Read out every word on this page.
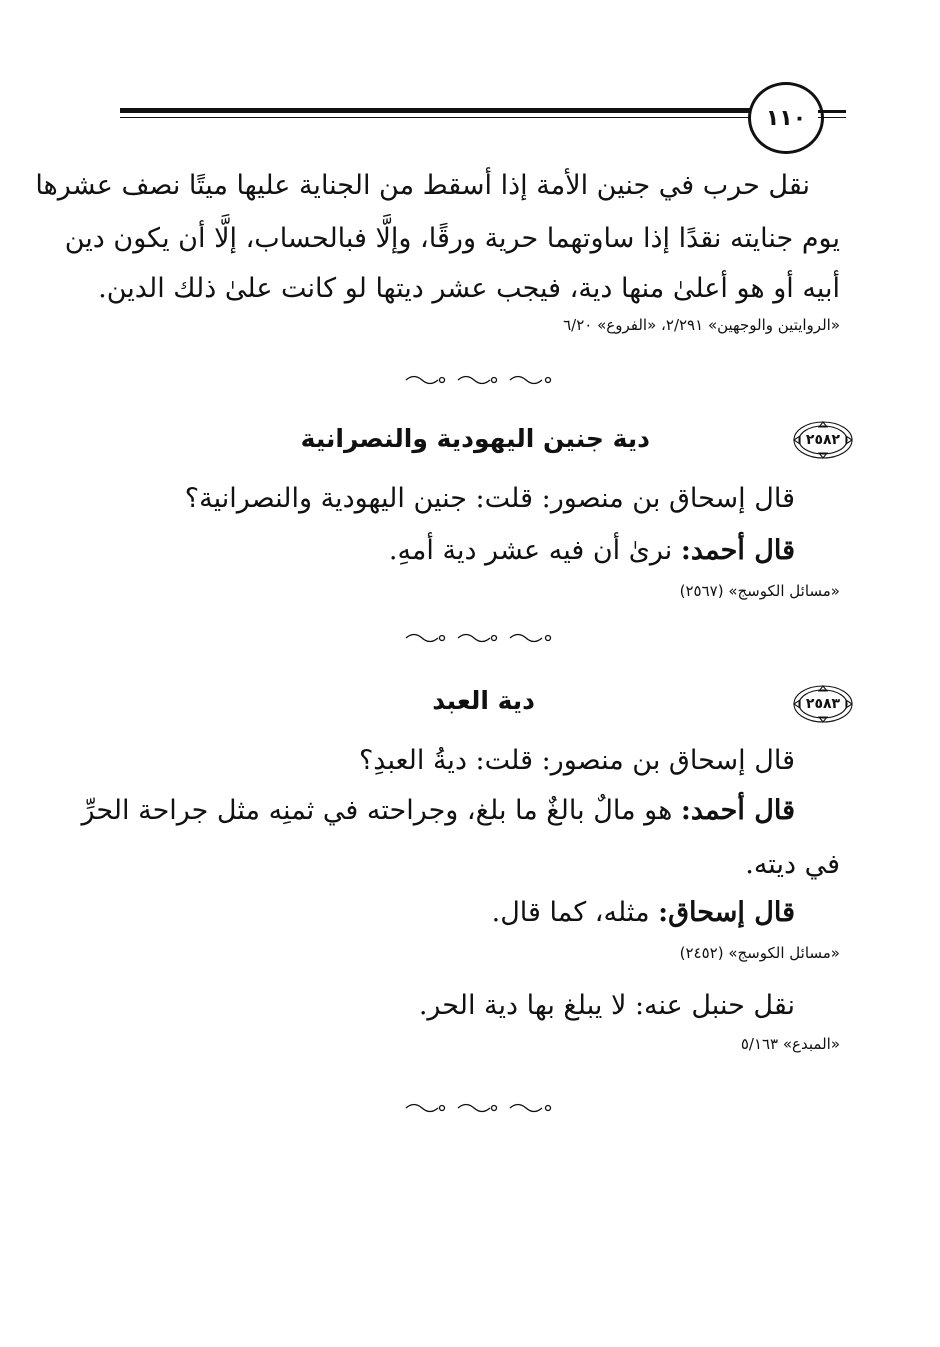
١١٠
نقل حرب في جنين الأمة إذا أسقط من الجناية عليها ميتًا نصف عشرها
يوم جنايته نقدًا إذا ساوتهما حرية ورقًا، وإلَّا فبالحساب، إلَّا أن يكون دين
أبيه أو هو أعلىٰ منها دية، فيجب عشر ديتها لو كانت علىٰ ذلك الدين.
«الروايتين والوجهين» ٢/٢٩١، «الفروع» ٦/٢٠
٢٥٨٢
دية جنين اليهودية والنصرانية
قال إسحاق بن منصور: قلت: جنين اليهودية والنصرانية؟
قال أحمد: نرىٰ أن فيه عشر دية أمهِ.
«مسائل الكوسج» (٢٥٦٧)
٢٥٨٣
دية العبد
قال إسحاق بن منصور: قلت: ديةُ العبدِ؟
قال أحمد: هو مالٌ بالغٌ ما بلغ، وجراحته في ثمنِه مثل جراحة الحرِّ
في ديته.
قال إسحاق: مثله، كما قال.
«مسائل الكوسج» (٢٤٥٢)
نقل حنبل عنه: لا يبلغ بها دية الحر.
«المبدع» ٥/١٦٣
